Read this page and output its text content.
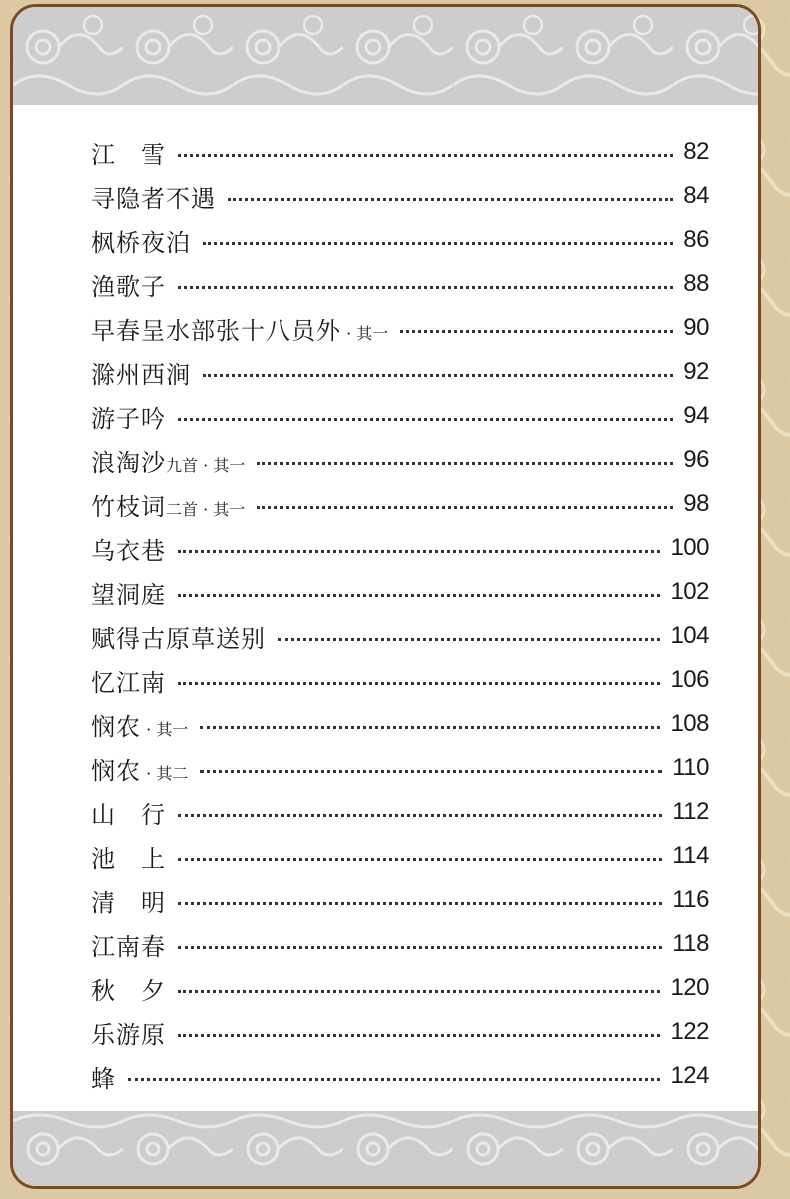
江　雪	82
寻隐者不遇	84
枫桥夜泊	86
渔歌子	88
早春呈水部张十八员外 · 其一	90
滁州西涧	92
游子吟	94
浪淘沙九首 · 其一	96
竹枝词二首 · 其一	98
乌衣巷	100
望洞庭	102
赋得古原草送别	104
忆江南	106
悯农 · 其一	108
悯农 · 其二	110
山　行	112
池　上	114
清　明	116
江南春	118
秋　夕	120
乐游原	122
蜂	124
